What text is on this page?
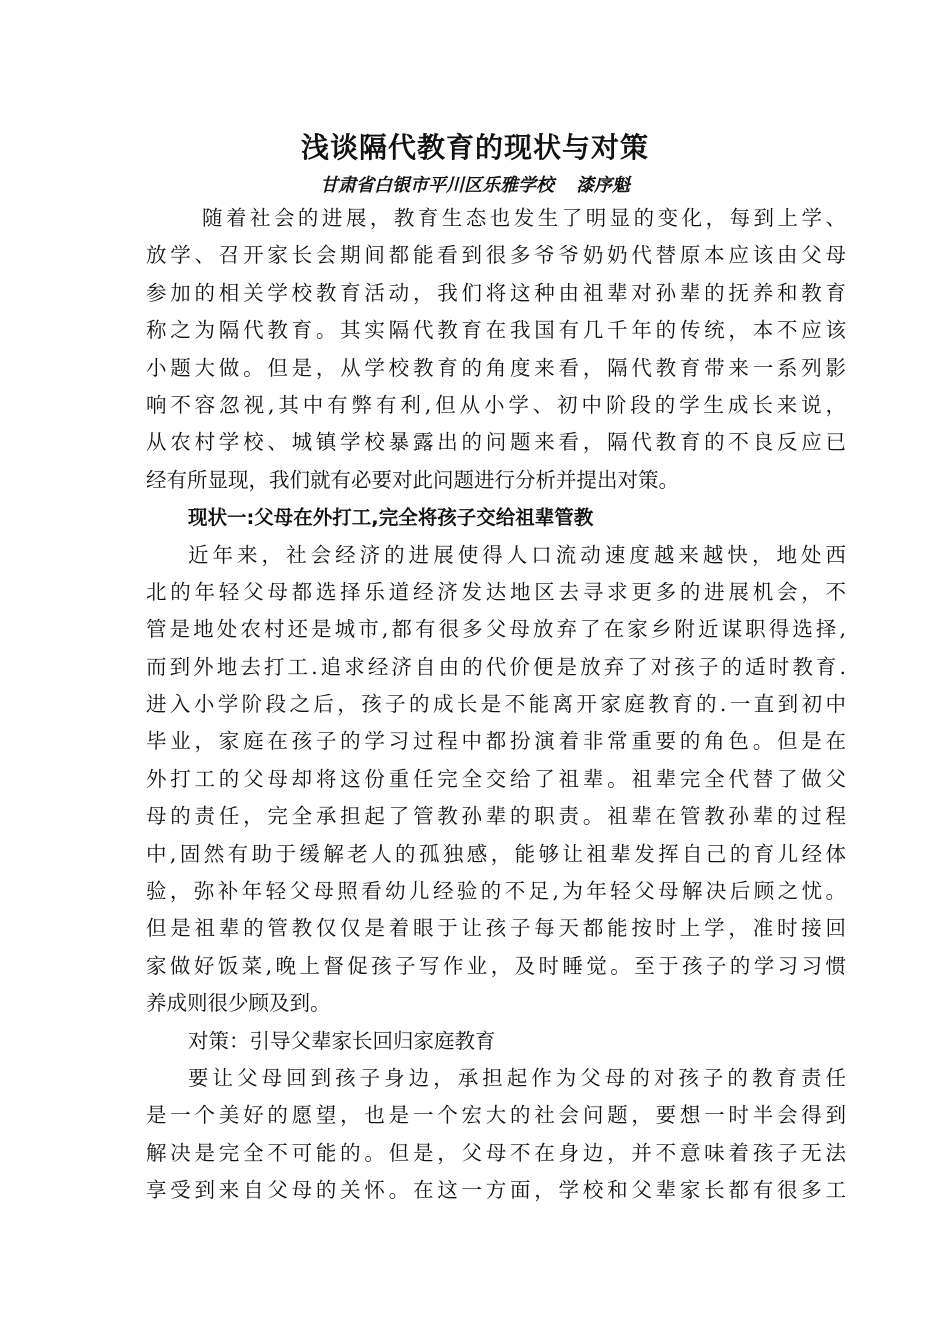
浅谈隔代教育的现状与对策
甘肃省白银市平川区乐雅学校 漆序魁
随着社会的进展，教育生态也发生了明显的变化，每到上学、
放学、召开家长会期间都能看到很多爷爷奶奶代替原本应该由父母
参加的相关学校教育活动，我们将这种由祖辈对孙辈的抚养和教育
称之为隔代教育。其实隔代教育在我国有几千年的传统，本不应该
小题大做。但是，从学校教育的角度来看，隔代教育带来一系列影
响不容忽视,其中有弊有利,但从小学、初中阶段的学生成长来说，
从农村学校、城镇学校暴露出的问题来看，隔代教育的不良反应已
经有所显现，我们就有必要对此问题进行分析并提出对策。
现状一:父母在外打工,完全将孩子交给祖辈管教
近年来，社会经济的进展使得人口流动速度越来越快，地处西
北的年轻父母都选择乐道经济发达地区去寻求更多的进展机会，不
管是地处农村还是城市,都有很多父母放弃了在家乡附近谋职得选择,
而到外地去打工.追求经济自由的代价便是放弃了对孩子的适时教育.
进入小学阶段之后，孩子的成长是不能离开家庭教育的.一直到初中
毕业，家庭在孩子的学习过程中都扮演着非常重要的角色。但是在
外打工的父母却将这份重任完全交给了祖辈。祖辈完全代替了做父
母的责任，完全承担起了管教孙辈的职责。祖辈在管教孙辈的过程
中,固然有助于缓解老人的孤独感，能够让祖辈发挥自己的育儿经体
验，弥补年轻父母照看幼儿经验的不足,为年轻父母解决后顾之忧。
但是祖辈的管教仅仅是着眼于让孩子每天都能按时上学，准时接回
家做好饭菜,晚上督促孩子写作业，及时睡觉。至于孩子的学习习惯
养成则很少顾及到。
对策：引导父辈家长回归家庭教育
要让父母回到孩子身边，承担起作为父母的对孩子的教育责任
是一个美好的愿望，也是一个宏大的社会问题，要想一时半会得到
解决是完全不可能的。但是，父母不在身边，并不意味着孩子无法
享受到来自父母的关怀。在这一方面，学校和父辈家长都有很多工
